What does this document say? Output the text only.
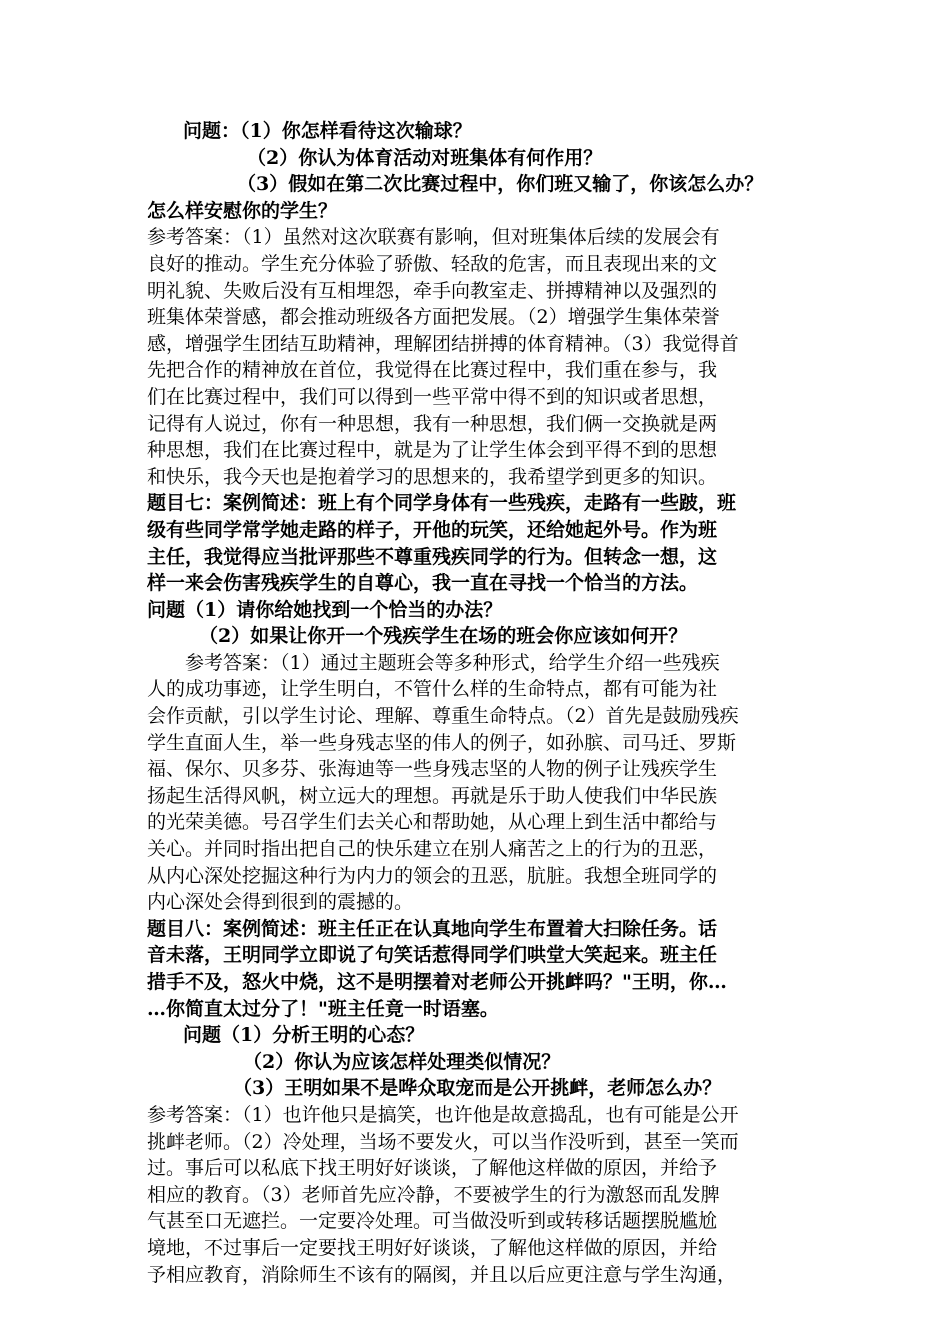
问题：（1）你怎样看待这次输球？
（2）你认为体育活动对班集体有何作用？
（3）假如在第二次比赛过程中，你们班又输了，你该怎么办？
怎么样安慰你的学生？
参考答案：（1）虽然对这次联赛有影响，但对班集体后续的发展会有
良好的推动。学生充分体验了骄傲、轻敌的危害，而且表现出来的文
明礼貌、失败后没有互相埋怨，牵手向教室走、拼搏精神以及强烈的
班集体荣誉感，都会推动班级各方面把发展。（2）增强学生集体荣誉
感，增强学生团结互助精神，理解团结拼搏的体育精神。（3）我觉得首
先把合作的精神放在首位，我觉得在比赛过程中，我们重在参与，我
们在比赛过程中，我们可以得到一些平常中得不到的知识或者思想，
记得有人说过，你有一种思想，我有一种思想，我们俩一交换就是两
种思想，我们在比赛过程中，就是为了让学生体会到平得不到的思想
和快乐，我今天也是抱着学习的思想来的，我希望学到更多的知识。
题目七：案例简述：班上有个同学身体有一些残疾，走路有一些跛，班
级有些同学常学她走路的样子，开他的玩笑，还给她起外号。作为班
主任，我觉得应当批评那些不尊重残疾同学的行为。但转念一想，这
样一来会伤害残疾学生的自尊心，我一直在寻找一个恰当的方法。
问题（1）请你给她找到一个恰当的办法？
（2）如果让你开一个残疾学生在场的班会你应该如何开？
参考答案：（1）通过主题班会等多种形式，给学生介绍一些残疾
人的成功事迹，让学生明白，不管什么样的生命特点，都有可能为社
会作贡献，引以学生讨论、理解、尊重生命特点。（2）首先是鼓励残疾
学生直面人生，举一些身残志坚的伟人的例子，如孙膑、司马迁、罗斯
福、保尔、贝多芬、张海迪等一些身残志坚的人物的例子让残疾学生
扬起生活得风帆，树立远大的理想。再就是乐于助人使我们中华民族
的光荣美德。号召学生们去关心和帮助她，从心理上到生活中都给与
关心。并同时指出把自己的快乐建立在别人痛苦之上的行为的丑恶，
从内心深处挖掘这种行为内力的领会的丑恶，肮脏。我想全班同学的
内心深处会得到很到的震撼的。
题目八：案例简述：班主任正在认真地向学生布置着大扫除任务。话
音未落，王明同学立即说了句笑话惹得同学们哄堂大笑起来。班主任
措手不及，怒火中烧，这不是明摆着对老师公开挑衅吗？"王明，你…
…你简直太过分了！"班主任竟一时语塞。
问题（1）分析王明的心态？
（2）你认为应该怎样处理类似情况？
（3）王明如果不是哗众取宠而是公开挑衅，老师怎么办？
参考答案：（1）也许他只是搞笑，也许他是故意捣乱，也有可能是公开
挑衅老师。（2）冷处理，当场不要发火，可以当作没听到，甚至一笑而
过。事后可以私底下找王明好好谈谈，了解他这样做的原因，并给予
相应的教育。（3）老师首先应冷静，不要被学生的行为激怒而乱发脾
气甚至口无遮拦。一定要冷处理。可当做没听到或转移话题摆脱尴尬
境地，不过事后一定要找王明好好谈谈，了解他这样做的原因，并给
予相应教育，消除师生不该有的隔阂，并且以后应更注意与学生沟通，
